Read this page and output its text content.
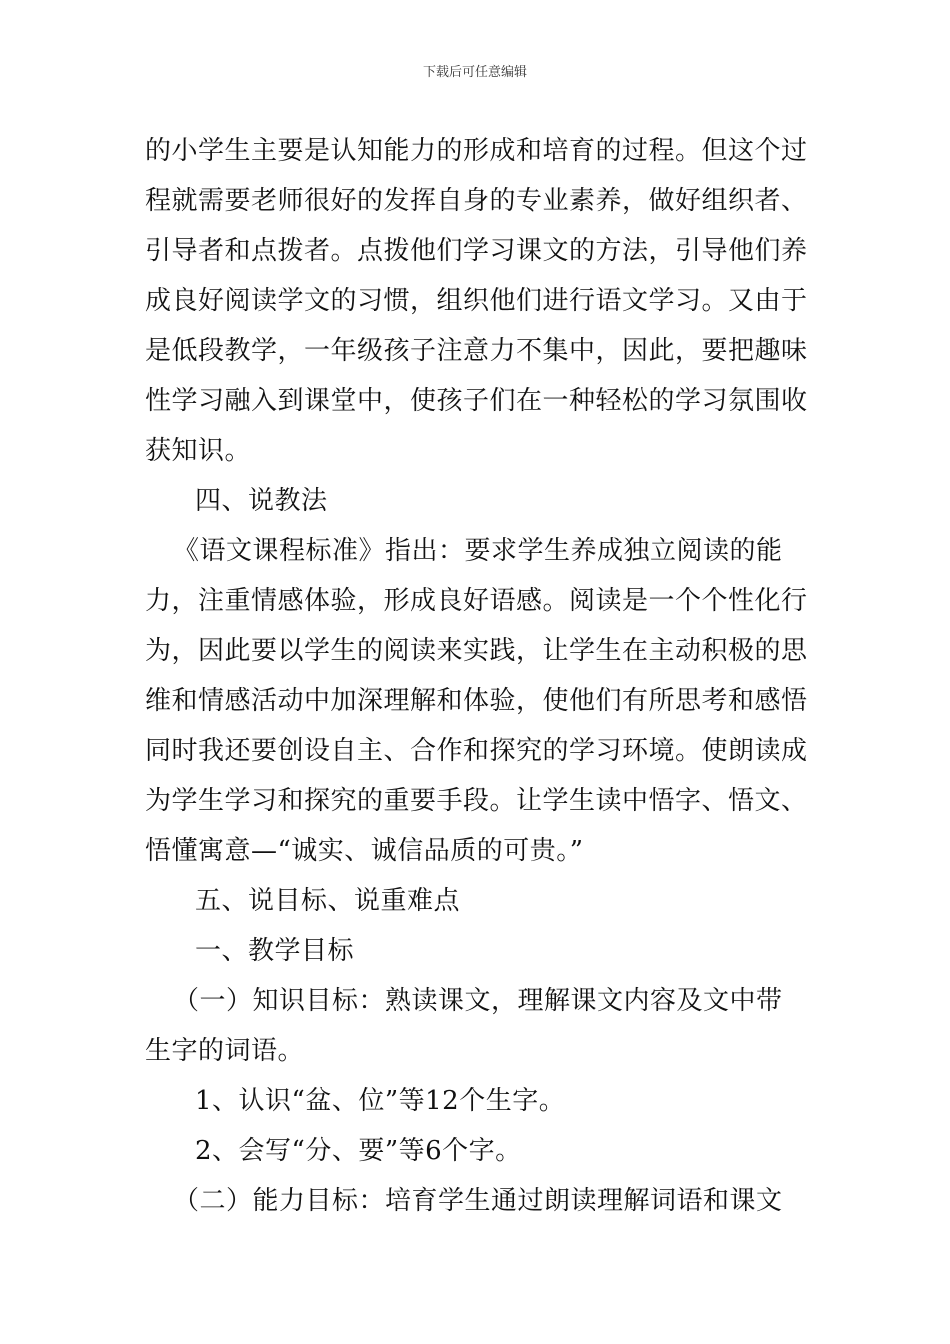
下载后可任意编辑
的小学生主要是认知能力的形成和培育的过程。但这个过
程就需要老师很好的发挥自身的专业素养，做好组织者、
引导者和点拨者。点拨他们学习课文的方法，引导他们养
成良好阅读学文的习惯，组织他们进行语文学习。又由于
是低段教学，一年级孩子注意力不集中，因此，要把趣味
性学习融入到课堂中，使孩子们在一种轻松的学习氛围收
获知识。
四、说教法
《语文课程标准》指出：要求学生养成独立阅读的能
力，注重情感体验，形成良好语感。阅读是一个个性化行
为，因此要以学生的阅读来实践，让学生在主动积极的思
维和情感活动中加深理解和体验，使他们有所思考和感悟
同时我还要创设自主、合作和探究的学习环境。使朗读成
为学生学习和探究的重要手段。让学生读中悟字、悟文、
悟懂寓意—“诚实、诚信品质的可贵。”
五、说目标、说重难点
一、教学目标
（一）知识目标：熟读课文，理解课文内容及文中带
生字的词语。
1、认识“盆、位”等12个生字。
2、会写“分、要”等6个字。
（二）能力目标：培育学生通过朗读理解词语和课文
